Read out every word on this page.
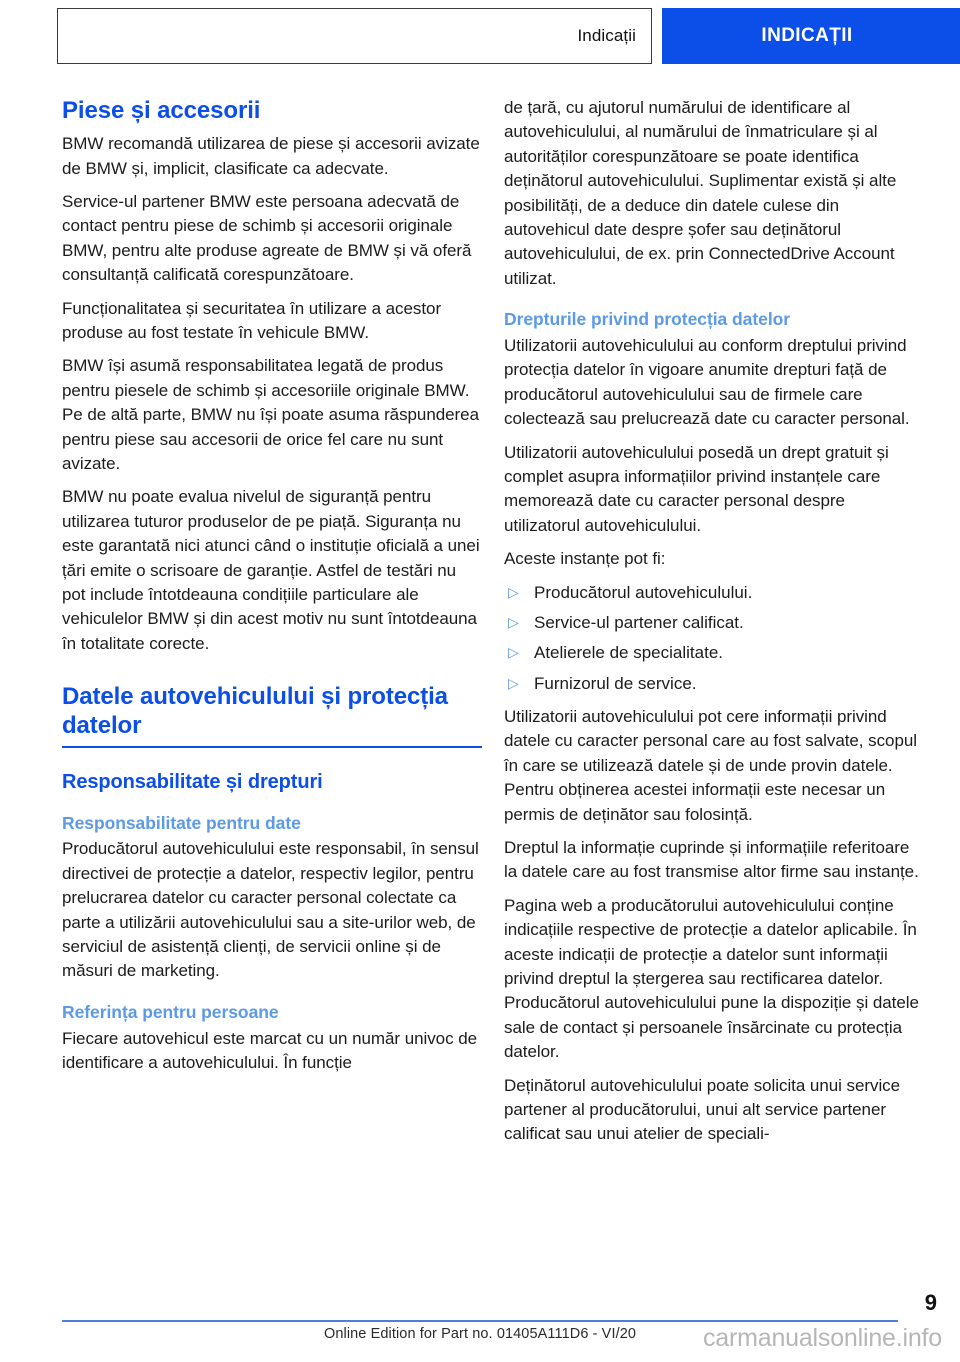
Indicații	INDICAȚII
Piese și accesorii

BMW recomandă utilizarea de piese și accesorii avizate de BMW și, implicit, clasificate ca adecvate.

Service-ul partener BMW este persoana adecvată de contact pentru piese de schimb și accesorii originale BMW, pentru alte produse agreate de BMW și vă oferă consultanță calificată corespunzătoare.

Funcționalitatea și securitatea în utilizare a acestor produse au fost testate în vehicule BMW.

BMW își asumă responsabilitatea legată de produs pentru piesele de schimb și accesoriile originale BMW. Pe de altă parte, BMW nu își poate asuma răspunderea pentru piese sau accesorii de orice fel care nu sunt avizate.

BMW nu poate evalua nivelul de siguranță pentru utilizarea tuturor produselor de pe piață. Siguranța nu este garantată nici atunci când o instituție oficială a unei țări emite o scrisoare de garanție. Astfel de testări nu pot include întotdeauna condițiile particulare ale vehiculelor BMW și din acest motiv nu sunt întotdeauna în totalitate corecte.

Datele autovehiculului și protecția datelor
Responsabilitate și drepturi
Responsabilitate pentru date

Producătorul autovehiculului este responsabil, în sensul directivei de protecție a datelor, respectiv legilor, pentru prelucrarea datelor cu caracter personal colectate ca parte a utilizării autovehiculului sau a site-urilor web, de serviciul de asistență clienți, de servicii online și de măsuri de marketing.

Referința pentru persoane

Fiecare autovehicul este marcat cu un număr univoc de identificare a autovehiculului. În funcție

de țară, cu ajutorul numărului de identificare al autovehiculului, al numărului de înmatriculare și al autorităților corespunzătoare se poate identifica deținătorul autovehiculului. Suplimentar există și alte posibilități, de a deduce din datele culese din autovehicul date despre șofer sau deținătorul autovehiculului, de ex. prin ConnectedDrive Account utilizat.

Drepturile privind protecția datelor

Utilizatorii autovehiculului au conform dreptului privind protecția datelor în vigoare anumite drepturi față de producătorul autovehiculului sau de firmele care colectează sau prelucrează date cu caracter personal.

Utilizatorii autovehiculului posedă un drept gratuit și complet asupra informațiilor privind instanțele care memorează date cu caracter personal despre utilizatorul autovehiculului.

Aceste instanțe pot fi:

▷ Producătorul autovehiculului.
▷ Service-ul partener calificat.
▷ Atelierele de specialitate.
▷ Furnizorul de service.

Utilizatorii autovehiculului pot cere informații privind datele cu caracter personal care au fost salvate, scopul în care se utilizează datele și de unde provin datele. Pentru obținerea acestei informații este necesar un permis de deținător sau folosință.

Dreptul la informație cuprinde și informațiile referitoare la datele care au fost transmise altor firme sau instanțe.

Pagina web a producătorului autovehiculului conține indicațiile respective de protecție a datelor aplicabile. În aceste indicații de protecție a datelor sunt informații privind dreptul la ștergerea sau rectificarea datelor. Producătorul autovehiculului pune la dispoziție și datele sale de contact și persoanele însărcinate cu protecția datelor.

Deținătorul autovehiculului poate solicita unui service partener al producătorului, unui alt service partener calificat sau unui atelier de speciali-

9
Online Edition for Part no. 01405A111D6 - VI/20	carmanualsonline.info
